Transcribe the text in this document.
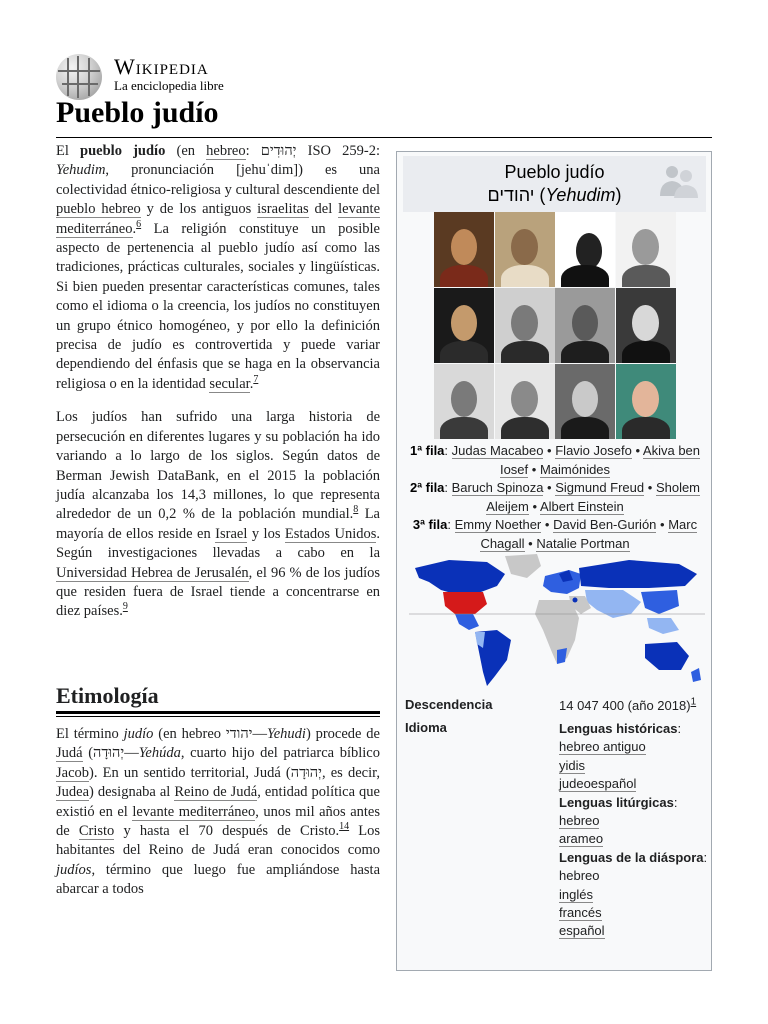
Wikipedia
La enciclopedia libre
Pueblo judío

El pueblo judío (en hebreo: יְהוּדִים ISO 259-2: Yehudim, pronunciación [jehuˈdim]) es una colectividad étnico-religiosa y cultural descendiente del pueblo hebreo y de los antiguos israelitas del levante mediterráneo.$^6$ La religión constituye un posible aspecto de pertenencia al pueblo judío así como las tradiciones, prácticas culturales, sociales y lingüísticas. Si bien pueden presentar características comunes, tales como el idioma o la creencia, los judíos no constituyen un grupo étnico homogéneo, y por ello la definición precisa de judío es controvertida y puede variar dependiendo del énfasis que se haga en la observancia religiosa o en la identidad secular.$^7$

Los judíos han sufrido una larga historia de persecución en diferentes lugares y su población ha ido variando a lo largo de los siglos. Según datos de Berman Jewish DataBank, en el 2015 la población judía alcanzaba los 14,3 millones, lo que representa alrededor de un 0,2 % de la población mundial.$^8$ La mayoría de ellos reside en Israel y los Estados Unidos. Según investigaciones llevadas a cabo en la Universidad Hebrea de Jerusalén, el 96 % de los judíos que residen fuera de Israel tiende a concentrarse en diez países.$^9$

Etimología
El término judío (en hebreo יהודי—Yehudi) procede de Judá (יְהוּדָה—Yehúda, cuarto hijo del patriarca bíblico Jacob). En un sentido territorial, Judá (יְהוּדָה, es decir, Judea) designaba al Reino de Judá, entidad política que existió en el levante mediterráneo, unos mil años antes de Cristo y hasta el 70 después de Cristo.$^{14}$ Los habitantes del Reino de Judá eran conocidos como judíos, término que luego fue ampliándose hasta abarcar a todos
Pueblo judío
יהודים (Yehudim)
1ª fila: Judas Macabeo • Flavio Josefo • Akiva ben Iosef • Maimónides
2ª fila: Baruch Spinoza • Sigmund Freud • Sholem Aleijem • Albert Einstein
3ª fila: Emmy Noether • David Ben-Gurión • Marc Chagall • Natalie Portman
Descendencia	14 047 400 (año 2018)$^1$
Idioma	Lenguas históricas:
hebreo antiguo
yidis
judeoespañol
Lenguas litúrgicas:
hebreo
arameo
Lenguas de la diáspora:
hebreo
inglés
francés
español
